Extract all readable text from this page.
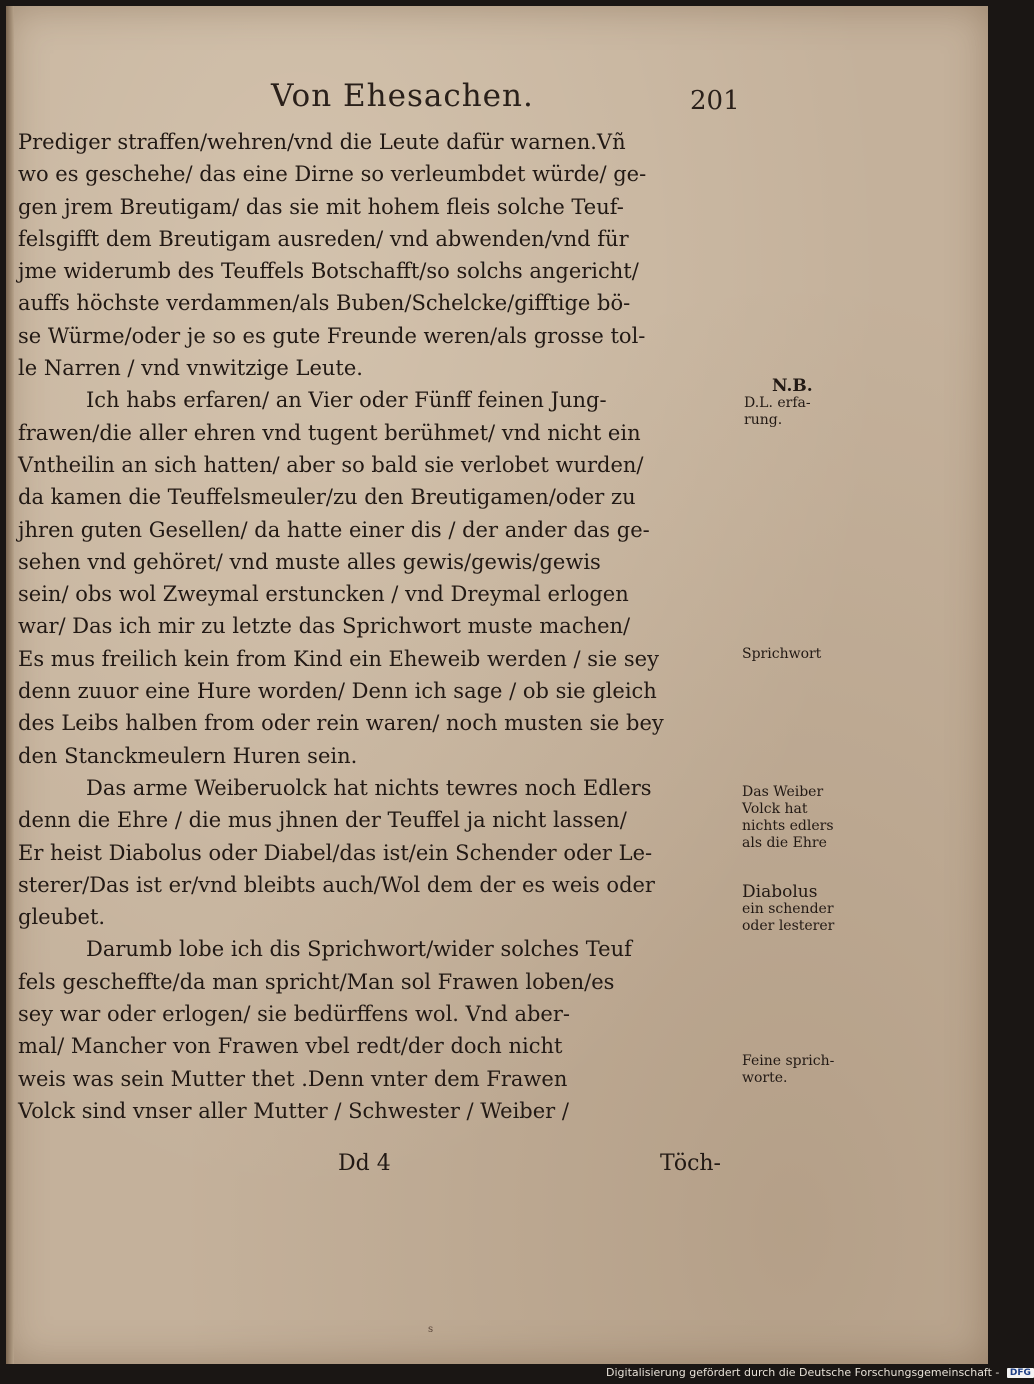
Von Ehesachen.	201

Prediger straffen/wehren/vnd die Leute dafür warnen.Vñ
wo es geschehe/ das eine Dirne so verleumbdet würde/ ge-
gen jrem Breutigam/ das sie mit hohem fleis solche Teuf-
felsgifft dem Breutigam ausreden/ vnd abwenden/vnd für
jme widerumb des Teuffels Botschafft/so solchs angericht/
auffs höchste verdammen/als Buben/Schelcke/gifftige bö-
se Würme/oder je so es gute Freunde weren/als grosse tol-
le Narren / vnd vnwitzige Leute.
Ich habs erfaren/ an Vier oder Fünff feinen Jung-
frawen/die aller ehren vnd tugent berühmet/ vnd nicht ein
Vntheilin an sich hatten/ aber so bald sie verlobet wurden/
da kamen die Teuffelsmeuler/zu den Breutigamen/oder zu
jhren guten Gesellen/ da hatte einer dis / der ander das ge-
sehen vnd gehöret/ vnd muste alles gewis/gewis/gewis
sein/ obs wol Zweymal erstuncken / vnd Dreymal erlogen
war/ Das ich mir zu letzte das Sprichwort muste machen/
Es mus freilich kein from Kind ein Eheweib werden / sie sey
denn zuuor eine Hure worden/ Denn ich sage / ob sie gleich
des Leibs halben from oder rein waren/ noch musten sie bey
den Stanckmeulern Huren sein.
Das arme Weiberuolck hat nichts tewres noch Edlers
denn die Ehre / die mus jhnen der Teuffel ja nicht lassen/
Er heist Diabolus oder Diabel/das ist/ein Schender oder Le-
sterer/Das ist er/vnd bleibts auch/Wol dem der es weis oder
gleubet.
Darumb lobe ich dis Sprichwort/wider solches Teuf
fels gescheffte/da man spricht/Man sol Frawen loben/es
sey war oder erlogen/ sie bedürffens wol. Vnd aber-
mal/ Mancher von Frawen vbel redt/der doch nicht
weis was sein Mutter thet .Denn vnter dem Frawen
Volck sind vnser aller Mutter / Schwester / Weiber /

N.B.
D.L. erfa-
rung.
Sprichwort
Das Weiber
Volck hat
nichts edlers
als die Ehre
Diabolus
ein schender
oder lesterer
Feine sprich-
worte.
Dd 4	Töch-
s
Digitalisierung gefördert durch die Deutsche Forschungsgemeinschaft - DFG
